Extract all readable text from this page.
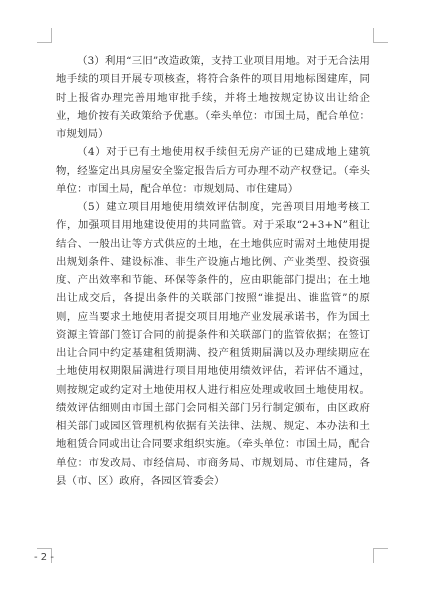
（3）利用“三旧”改造政策，支持工业项目用地。对于无合法用地手续的项目开展专项核查，将符合条件的项目用地标图建库，同时上报省办理完善用地审批手续，并将土地按规定协议出让给企业，地价按有关政策给予优惠。（牵头单位：市国土局，配合单位：市规划局）

（4）对于已有土地使用权手续但无房产证的已建成地上建筑物，经鉴定出具房屋安全鉴定报告后方可办理不动产权登记。（牵头单位：市国土局，配合单位：市规划局、市住建局）

（5）建立项目用地使用绩效评估制度，完善项目用地考核工作，加强项目用地建设使用的共同监管。对于采取“2+3+N”租让结合、一般出让等方式供应的土地，在土地供应时需对土地使用提出规划条件、建设标准、非生产设施占地比例、产业类型、投资强度、产出效率和节能、环保等条件的，应由职能部门提出；在土地出让成交后，各提出条件的关联部门按照“谁提出、谁监管”的原则，应当要求土地使用者提交项目用地产业发展承诺书，作为国土资源主管部门签订合同的前提条件和关联部门的监管依据；在签订出让合同中约定基建租赁期满、投产租赁期届满以及办理续期应在土地使用权期限届满进行项目用地使用绩效评估，若评估不通过，则按规定或约定对土地使用权人进行相应处理或收回土地使用权。绩效评估细则由市国土部门会同相关部门另行制定颁布，由区政府相关部门或园区管理机构依据有关法律、法规、规定、本办法和土地租赁合同或出让合同要求组织实施。（牵头单位：市国土局，配合单位：市发改局、市经信局、市商务局、市规划局、市住建局，各县（市、区）政府，各园区管委会）

- 2 -
